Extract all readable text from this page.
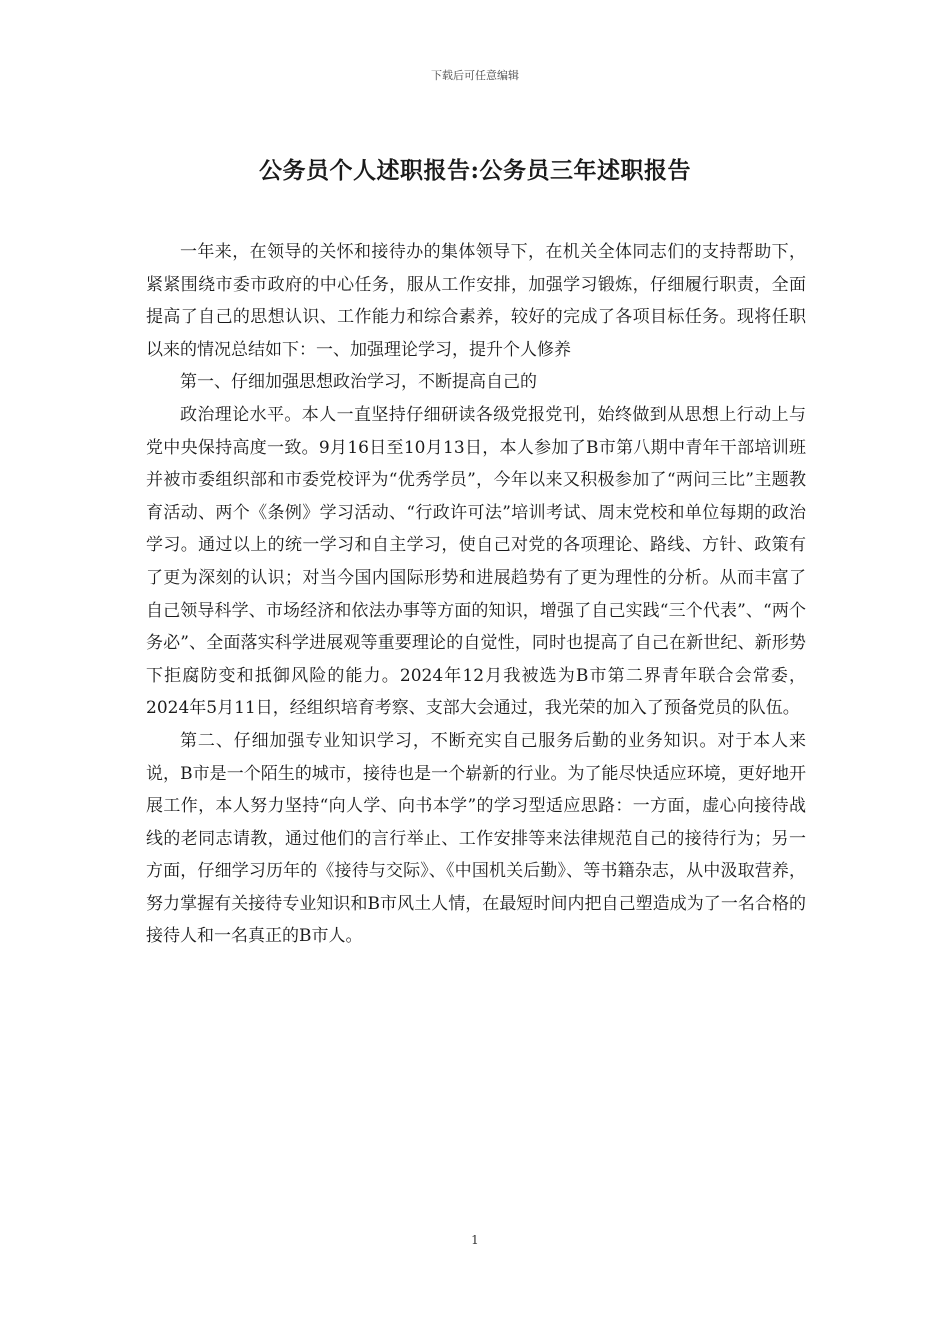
下载后可任意编辑
公务员个人述职报告:公务员三年述职报告

一年来，在领导的关怀和接待办的集体领导下，在机关全体同志们的支持帮助下，紧紧围绕市委市政府的中心任务，服从工作安排，加强学习锻炼，仔细履行职责，全面提高了自己的思想认识、工作能力和综合素养，较好的完成了各项目标任务。现将任职以来的情况总结如下：一、加强理论学习，提升个人修养

第一、仔细加强思想政治学习，不断提高自己的

政治理论水平。本人一直坚持仔细研读各级党报党刊，始终做到从思想上行动上与党中央保持高度一致。9月16日至10月13日，本人参加了B市第八期中青年干部培训班并被市委组织部和市委党校评为“优秀学员”，今年以来又积极参加了“两问三比”主题教育活动、两个《条例》学习活动、“行政许可法”培训考试、周末党校和单位每期的政治学习。通过以上的统一学习和自主学习，使自己对党的各项理论、路线、方针、政策有了更为深刻的认识；对当今国内国际形势和进展趋势有了更为理性的分析。从而丰富了自己领导科学、市场经济和依法办事等方面的知识，增强了自己实践“三个代表”、“两个务必”、全面落实科学进展观等重要理论的自觉性，同时也提高了自己在新世纪、新形势下拒腐防变和抵御风险的能力。2024年12月我被选为B市第二界青年联合会常委，2024年5月11日，经组织培育考察、支部大会通过，我光荣的加入了预备党员的队伍。

第二、仔细加强专业知识学习，不断充实自己服务后勤的业务知识。对于本人来说，B市是一个陌生的城市，接待也是一个崭新的行业。为了能尽快适应环境，更好地开展工作，本人努力坚持“向人学、向书本学”的学习型适应思路：一方面，虚心向接待战线的老同志请教，通过他们的言行举止、工作安排等来法律规范自己的接待行为；另一方面，仔细学习历年的《接待与交际》、《中国机关后勤》、等书籍杂志，从中汲取营养，努力掌握有关接待专业知识和B市风土人情，在最短时间内把自己塑造成为了一名合格的接待人和一名真正的B市人。

1
